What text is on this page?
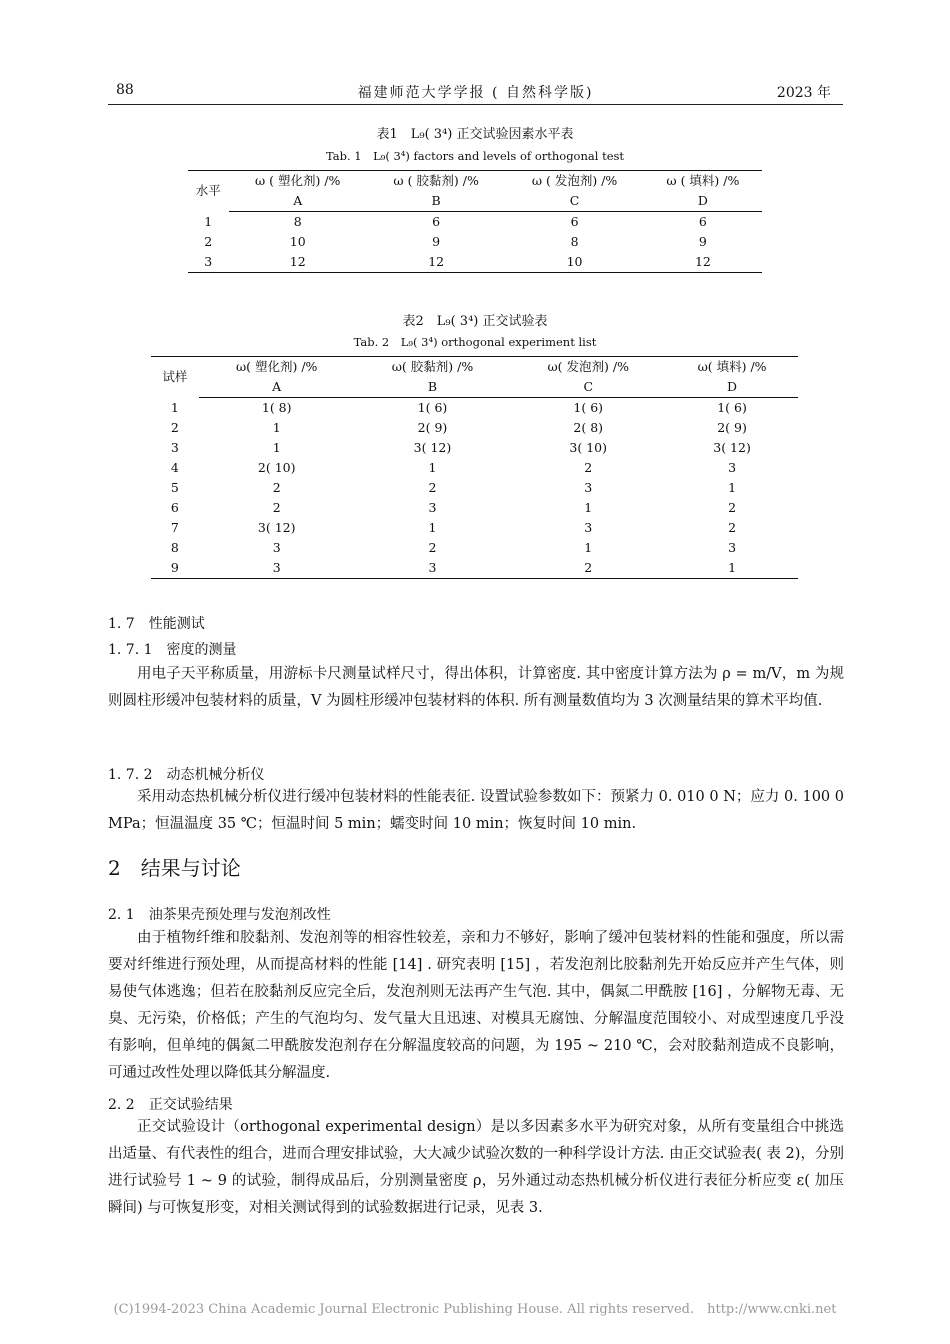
88	福建师范大学学报 ( 自然科学版)	2023 年
表1　L₉( 3⁴) 正交试验因素水平表
Tab. 1　L₉( 3⁴) factors and levels of orthogonal test
水平	ω ( 塑化剂) /%	ω ( 胶黏剂) /%	ω ( 发泡剂) /%	ω ( 填料) /%
	A	B	C	D
1	8	6	6	6
2	10	9	8	9
3	12	12	10	12
表2　L₉( 3⁴) 正交试验表
Tab. 2　L₉( 3⁴) orthogonal experiment list
试样	ω( 塑化剂) /%	ω( 胶黏剂) /%	ω( 发泡剂) /%	ω( 填料) /%
	A	B	C	D
1	1( 8)	1( 6)	1( 6)	1( 6)
2	1	2( 9)	2( 8)	2( 9)
3	1	3( 12)	3( 10)	3( 12)
4	2( 10)	1	2	3
5	2	2	3	1
6	2	3	1	2
7	3( 12)	1	3	2
8	3	2	1	3
9	3	3	2	1
1. 7　性能测试
1. 7. 1　密度的测量
用电子天平称质量，用游标卡尺测量试样尺寸，得出体积，计算密度. 其中密度计算方法为 ρ = m/V，m 为规则圆柱形缓冲包装材料的质量，V 为圆柱形缓冲包装材料的体积. 所有测量数值均为 3 次测量结果的算术平均值.
1. 7. 2　动态机械分析仪
采用动态热机械分析仪进行缓冲包装材料的性能表征. 设置试验参数如下：预紧力 0. 010 0 N；应力 0. 100 0 MPa；恒温温度 35 ℃；恒温时间 5 min；蠕变时间 10 min；恢复时间 10 min.
2　结果与讨论
2. 1　油茶果壳预处理与发泡剂改性
由于植物纤维和胶黏剂、发泡剂等的相容性较差，亲和力不够好，影响了缓冲包装材料的性能和强度，所以需要对纤维进行预处理，从而提高材料的性能 [14] . 研究表明 [15] ，若发泡剂比胶黏剂先开始反应并产生气体，则易使气体逃逸；但若在胶黏剂反应完全后，发泡剂则无法再产生气泡. 其中，偶氮二甲酰胺 [16] ，分解物无毒、无臭、无污染，价格低；产生的气泡均匀、发气量大且迅速、对模具无腐蚀、分解温度范围较小、对成型速度几乎没有影响，但单纯的偶氮二甲酰胺发泡剂存在分解温度较高的问题，为 195 ~ 210 ℃，会对胶黏剂造成不良影响，可通过改性处理以降低其分解温度.
2. 2　正交试验结果
正交试验设计（orthogonal experimental design）是以多因素多水平为研究对象，从所有变量组合中挑选出适量、有代表性的组合，进而合理安排试验，大大减少试验次数的一种科学设计方法. 由正交试验表( 表 2)，分别进行试验号 1 ~ 9 的试验，制得成品后，分别测量密度 ρ，另外通过动态热机械分析仪进行表征分析应变 ε( 加压瞬间) 与可恢复形变，对相关测试得到的试验数据进行记录，见表 3.
(C)1994-2023 China Academic Journal Electronic Publishing House. All rights reserved.　http://www.cnki.net
